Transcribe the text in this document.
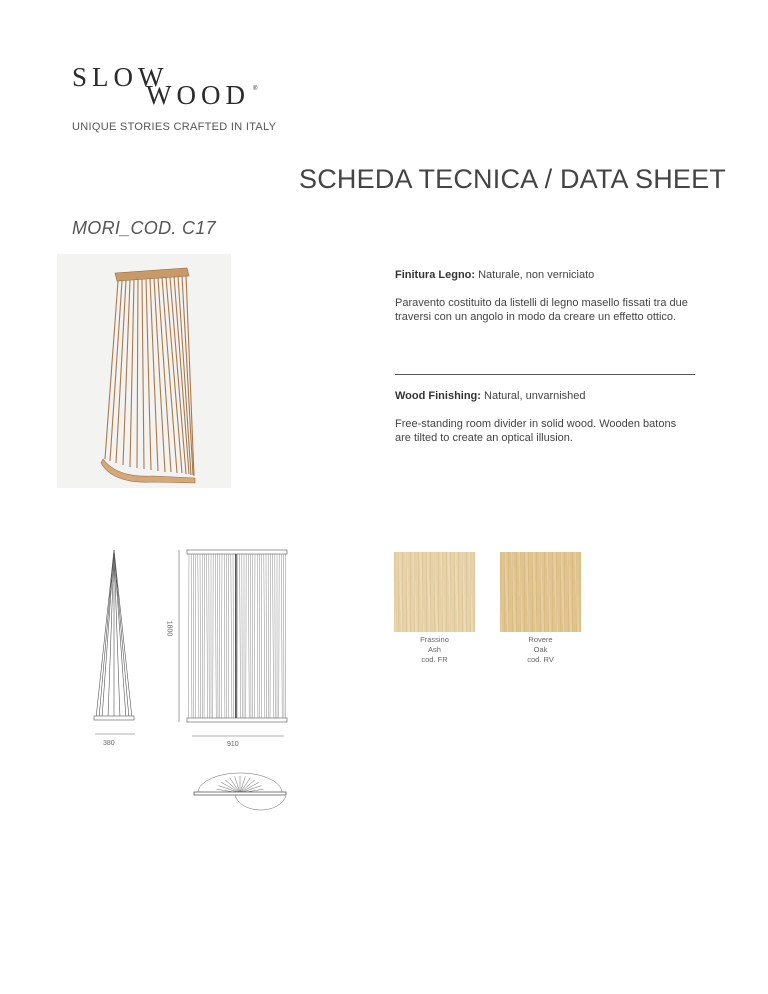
SLOW
WOOD ®
UNIQUE STORIES CRAFTED IN ITALY
SCHEDA TECNICA / DATA SHEET
MORI_COD. C17
Finitura Legno: Naturale, non verniciato
Paravento costituito da listelli di legno masello fissati tra due traversi con un angolo in modo da creare un effetto ottico.
Wood Finishing: Natural, unvarnished
Free-standing room divider in solid wood. Wooden batons are tilted to create an optical illusion.
380
1800
910
Frassino
Ash
cod. FR
Rovere
Oak
cod. RV
